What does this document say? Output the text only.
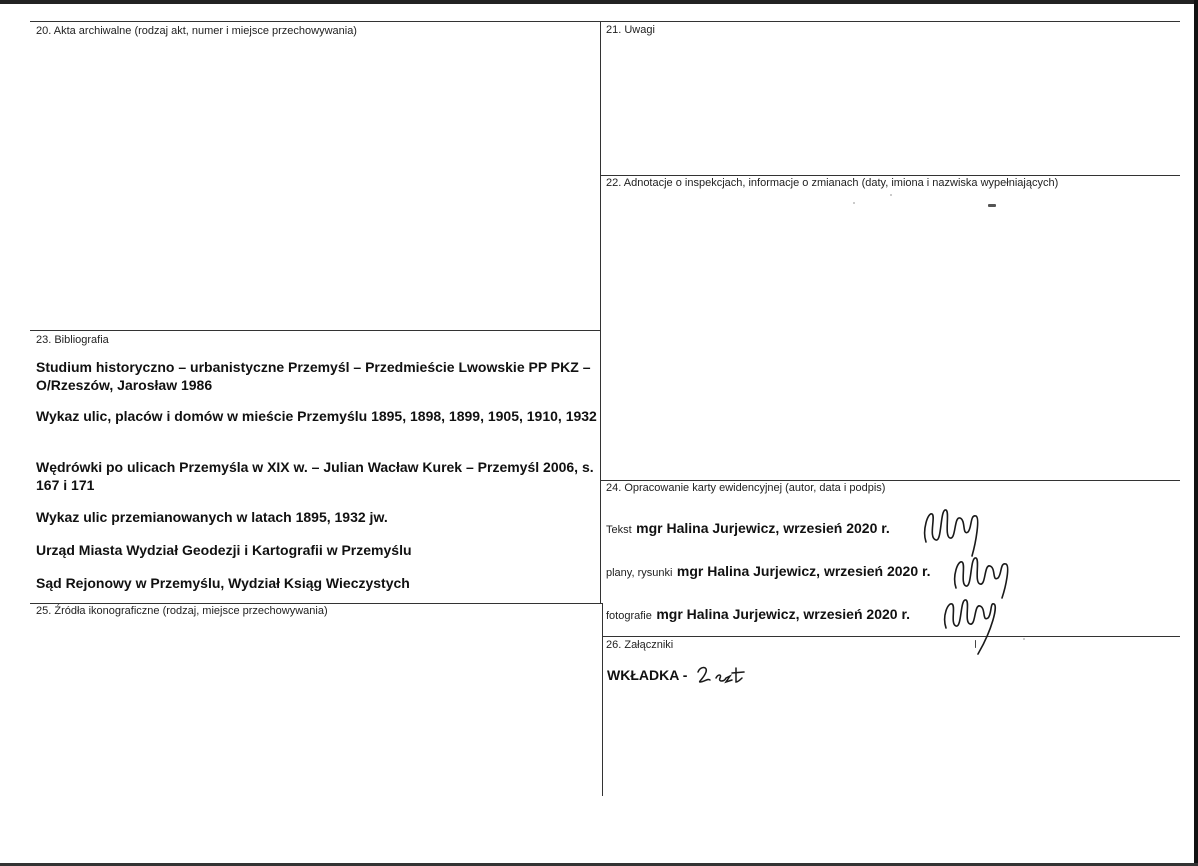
20. Akta archiwalne (rodzaj akt, numer i miejsce przechowywania)	21. Uwagi
22. Adnotacje o inspekcjach, informacje o zmianach (daty, imiona i nazwiska wypełniających)
23. Bibliografia
24. Opracowanie karty ewidencyjnej (autor, data i podpis)
25. Źródła ikonograficzne (rodzaj, miejsce przechowywania)
26. Załączniki
Studium historyczno – urbanistyczne Przemyśl – Przedmieście Lwowskie PP PKZ – O/Rzeszów, Jarosław 1986
Wykaz ulic, placów i domów w mieście Przemyślu 1895, 1898, 1899, 1905, 1910, 1932
Wędrówki po ulicach Przemyśla w XIX w. – Julian Wacław Kurek – Przemyśl 2006, s. 167 i 171
Wykaz ulic przemianowanych w latach 1895, 1932 jw.
Urząd Miasta Wydział Geodezji i Kartografii w Przemyślu
Sąd Rejonowy w Przemyślu, Wydział Ksiąg Wieczystych
Tekst mgr Halina Jurjewicz, wrzesień 2020 r.
plany, rysunki mgr Halina Jurjewicz, wrzesień 2020 r.
fotografie mgr Halina Jurjewicz, wrzesień 2020 r.
WKŁADKA -
